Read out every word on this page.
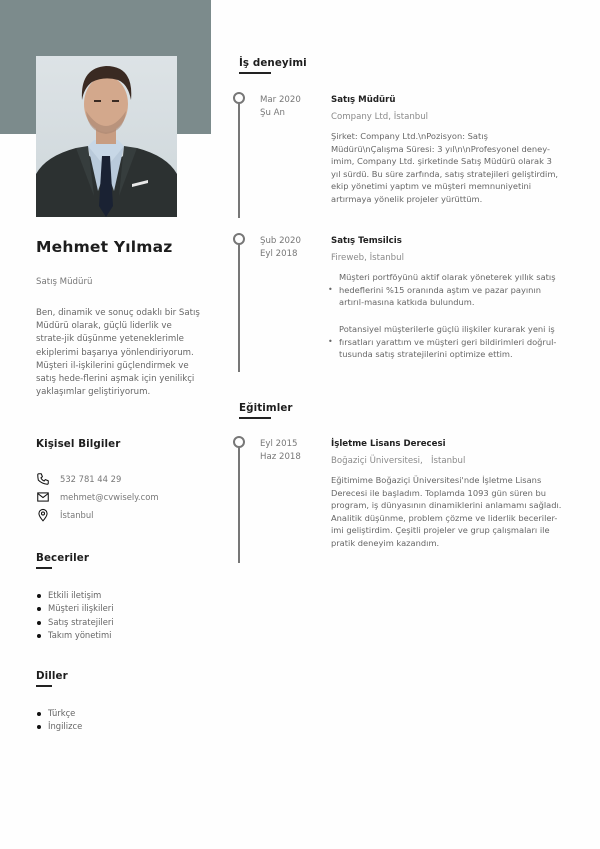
Mehmet Yılmaz
Satış Müdürü
Ben, dinamik ve sonuç odaklı bir Satış Müdürü olarak, güçlü liderlik ve strate-jik düşünme yeteneklerimle ekiplerimi başarıya yönlendiriyorum. Müşteri il-işkilerini güçlendirmek ve satış hede-flerini aşmak için yenilikçi yaklaşımlar geliştiriyorum.
Kişisel Bilgiler
532 781 44 29
mehmet@cvwisely.com
İstanbul
Beceriler
Etkili iletişim
Müşteri ilişkileri
Satış stratejileri
Takım yönetimi
Diller
Türkçe
İngilizce
İş deneyimi
Mar 2020
Şu An
Satış Müdürü
Company Ltd, İstanbul
Şirket: Company Ltd.\nPozisyon: Satış Müdürü\nÇalışma Süresi: 3 yıl\n\nProfesyonel deney-imim, Company Ltd. şirketinde Satış Müdürü olarak 3 yıl sürdü. Bu süre zarfında, satış stratejileri geliştirdim, ekip yönetimi yaptım ve müşteri memnuniyetini artırmaya yönelik projeler yürüttüm.
Şub 2020
Eyl 2018
Satış Temsilcis
Fireweb, İstanbul
•
Müşteri portföyünü aktif olarak yöneterek yıllık satış hedeflerini %15 oranında aştım ve pazar payının artırıl-masına katkıda bulundum.
•
Potansiyel müşterilerle güçlü ilişkiler kurarak yeni iş fırsatları yarattım ve müşteri geri bildirimleri doğrul-tusunda satış stratejilerini optimize ettim.
Eğitimler
Eyl 2015
Haz 2018
İşletme Lisans Derecesi
Boğaziçi Üniversitesi,   İstanbul
Eğitimime Boğaziçi Üniversitesi'nde İşletme Lisans Derecesi ile başladım. Toplamda 1093 gün süren bu program, iş dünyasının dinamiklerini anlamamı sağladı. Analitik düşünme, problem çözme ve liderlik beceriler-imi geliştirdim. Çeşitli projeler ve grup çalışmaları ile pratik deneyim kazandım.
